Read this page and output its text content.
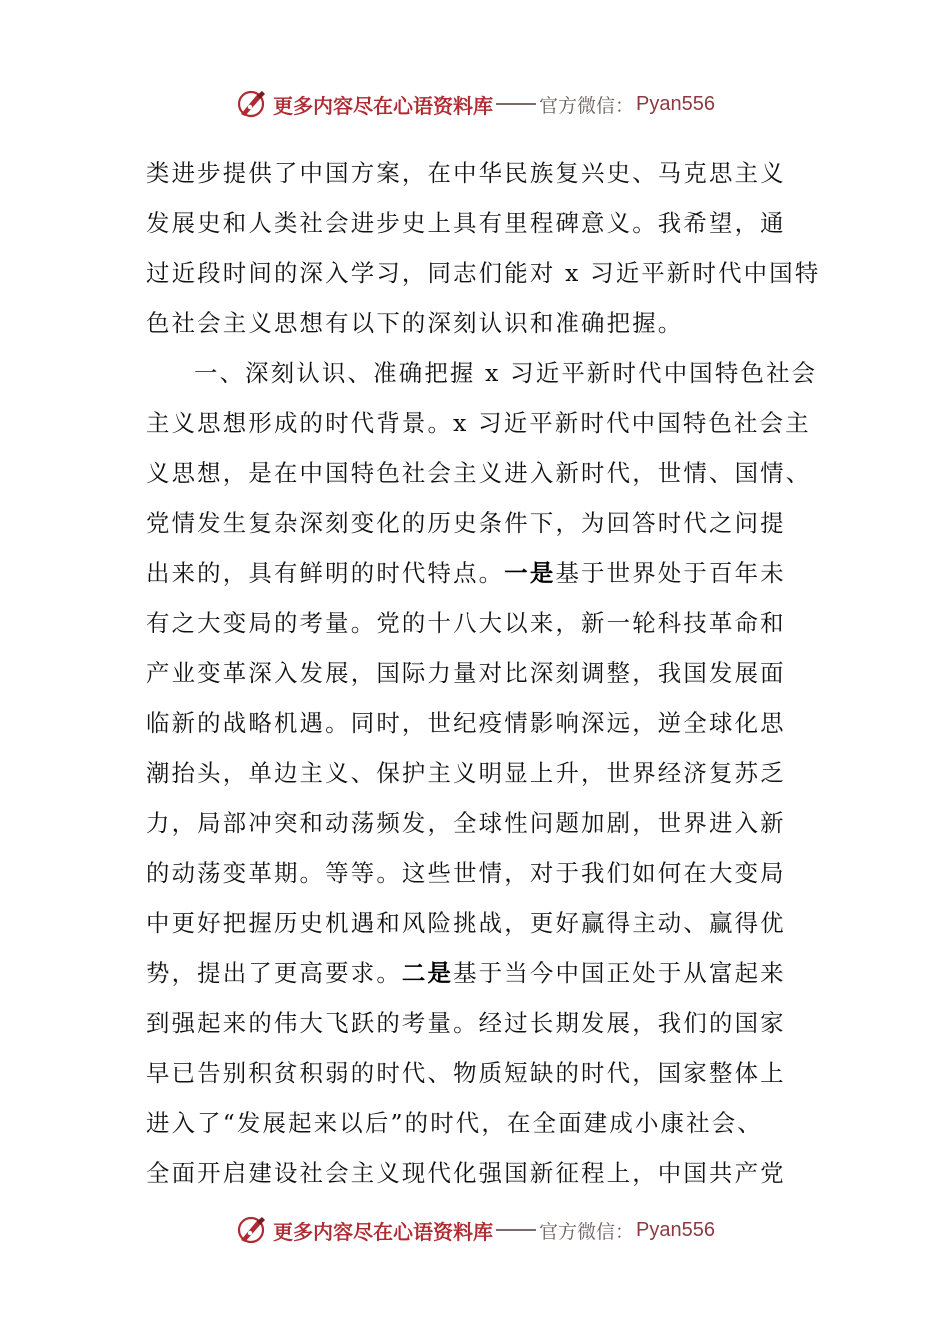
更多内容尽在心语资料库 官方微信： Pyan556
类进步提供了中国方案，在中华民族复兴史、马克思主义
发展史和人类社会进步史上具有里程碑意义。我希望，通
过近段时间的深入学习，同志们能对 x 习近平新时代中国特
色社会主义思想有以下的深刻认识和准确把握。
一、深刻认识、准确把握 x 习近平新时代中国特色社会
主义思想形成的时代背景。x 习近平新时代中国特色社会主
义思想，是在中国特色社会主义进入新时代，世情、国情、
党情发生复杂深刻变化的历史条件下，为回答时代之问提
出来的，具有鲜明的时代特点。一是基于世界处于百年未
有之大变局的考量。党的十八大以来，新一轮科技革命和
产业变革深入发展，国际力量对比深刻调整，我国发展面
临新的战略机遇。同时，世纪疫情影响深远，逆全球化思
潮抬头，单边主义、保护主义明显上升，世界经济复苏乏
力，局部冲突和动荡频发，全球性问题加剧，世界进入新
的动荡变革期。等等。这些世情，对于我们如何在大变局
中更好把握历史机遇和风险挑战，更好赢得主动、赢得优
势，提出了更高要求。二是基于当今中国正处于从富起来
到强起来的伟大飞跃的考量。经过长期发展，我们的国家
早已告别积贫积弱的时代、物质短缺的时代，国家整体上
进入了“发展起来以后”的时代，在全面建成小康社会、
全面开启建设社会主义现代化强国新征程上，中国共产党
更多内容尽在心语资料库 官方微信： Pyan556
